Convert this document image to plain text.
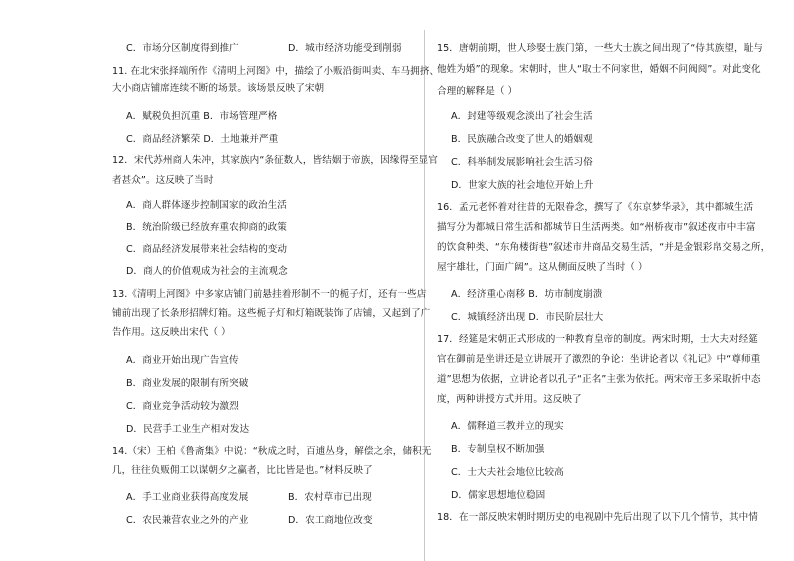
C．市场分区制度得到推广	D．城市经济功能受到削弱
11. 在北宋张择端所作《清明上河图》中，描绘了小贩沿街叫卖、车马拥挤、
大小商店铺席连续不断的场景。该场景反映了宋朝
A．赋税负担沉重 B．市场管理严格
C．商品经济繁荣 D．土地兼并严重
12．宋代苏州商人朱冲，其家族内“条征数人，皆结姻于帝族，因缘得至显官
者甚众”。这反映了当时
A．商人群体逐步控制国家的政治生活
B．统治阶级已经放弃重农抑商的政策
C．商品经济发展带来社会结构的变动
D．商人的价值观成为社会的主流观念
13.《清明上河图》中多家店铺门前悬挂着形制不一的栀子灯，还有一些店
铺前出现了长条形招牌灯箱。这些栀子灯和灯箱既装饰了店铺，又起到了广
告作用。这反映出宋代（ ）
A．商业开始出现广告宣传
B．商业发展的限制有所突破
C．商业竞争活动较为激烈
D．民营手工业生产相对发达
14.（宋）王柏《鲁斋集》中说：“秋成之时，百逋丛身，解偿之余，储积无
几，往往负贩佣工以谋朝夕之赢者，比比皆是也。”材料反映了
A．手工业商业获得高度发展	B．农村草市已出现
C．农民兼营农业之外的产业	D．农工商地位改变
15．唐朝前期，世人珍娶士族门第，一些大士族之间出现了“侍其族望，耻与
他姓为婚”的现象。宋朝时，世人“取士不问家世，婚姻不问阀阅”。对此变化
合理的解释是（ ）
A．封建等级观念淡出了社会生活
B．民族融合改变了世人的婚姻观
C．科举制发展影响社会生活习俗
D．世家大族的社会地位开始上升
16．孟元老怀着对往昔的无限眷念，撰写了《东京梦华录》，其中都城生活
描写分为都城日常生活和都城节日生活两类。如“州桥夜市”叙述夜市中丰富
的饮食种类、“东角楼街巷”叙述市井商品交易生活，“并是金银彩帛交易之所，
屋宇雄壮，门面广阔”。这从侧面反映了当时（ ）
A．经济重心南移 B．坊市制度崩溃
C．城镇经济出现 D．市民阶层壮大
17．经筵是宋朝正式形成的一种教育皇帝的制度。两宋时期，士大夫对经筵
官在御前是坐讲还是立讲展开了激烈的争论：坐讲论者以《礼记》中“尊师重
道”思想为依据，立讲论者以孔子“正名”主张为依托。两宋帝王多采取折中态
度，两种讲授方式并用。这反映了
A．儒释道三教并立的现实
B．专制皇权不断加强
C．士大夫社会地位比较高
D．儒家思想地位稳固
18．在一部反映宋朝时期历史的电视剧中先后出现了以下几个情节，其中情
